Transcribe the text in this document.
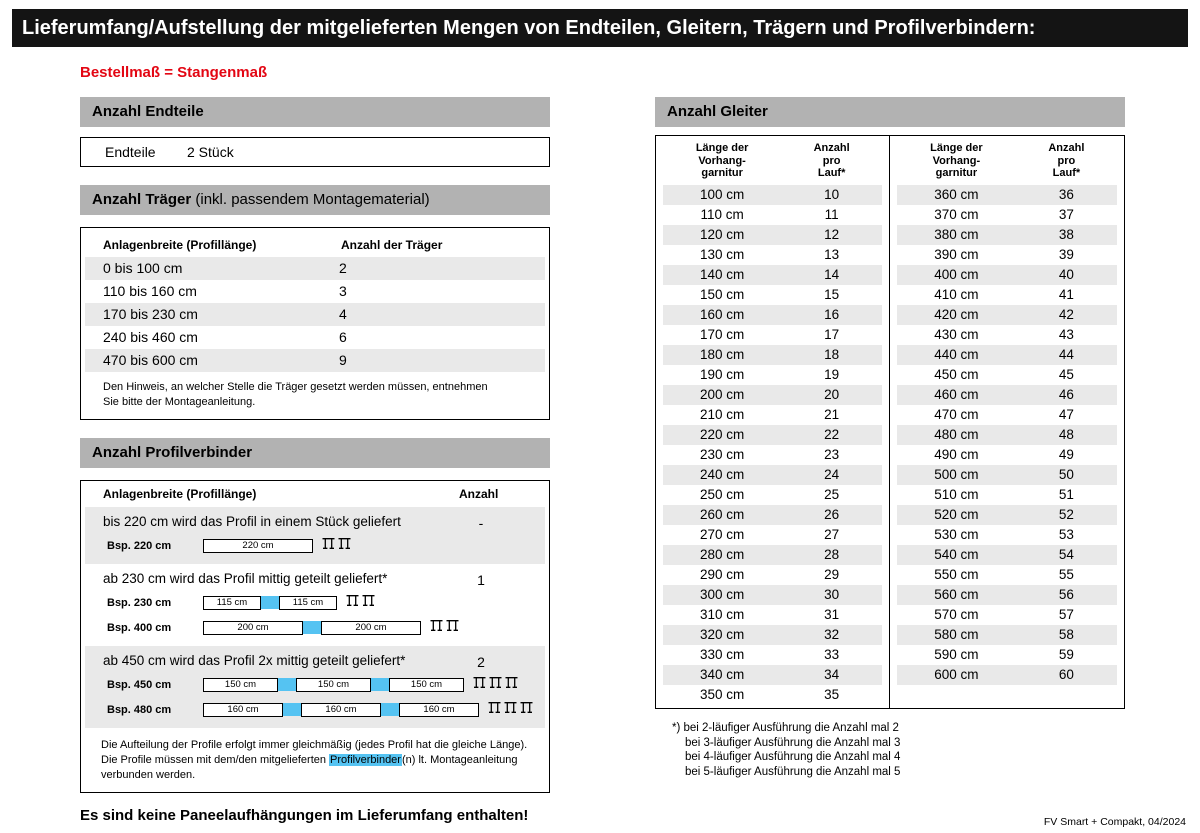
Lieferumfang/Aufstellung der mitgelieferten Mengen von Endteilen, Gleitern, Trägern und Profilverbindern:
Bestellmaß = Stangenmaß
Anzahl Endteile
Endteile	2 Stück
Anzahl Träger (inkl. passendem Montagematerial)
Anlagenbreite (Profillänge)	Anzahl der Träger
0 bis 100 cm	2
110 bis 160 cm	3
170 bis 230 cm	4
240 bis 460 cm	6
470 bis 600 cm	9
Den Hinweis, an welcher Stelle die Träger gesetzt werden müssen, entnehmen Sie bitte der Montageanleitung.
Anzahl Profilverbinder
Anlagenbreite (Profillänge)	Anzahl
bis 220 cm wird das Profil in einem Stück geliefert	-
Bsp. 220 cm	220 cm
ab 230 cm wird das Profil mittig geteilt geliefert*	1
Bsp. 230 cm	115 cm	115 cm
Bsp. 400 cm	200 cm	200 cm
ab 450 cm wird das Profil 2x mittig geteilt geliefert*	2
Bsp. 450 cm	150 cm	150 cm	150 cm
Bsp. 480 cm	160 cm	160 cm	160 cm
Die Aufteilung der Profile erfolgt immer gleichmäßig (jedes Profil hat die gleiche Länge). Die Profile müssen mit dem/den mitgelieferten Profilverbinder(n) lt. Montageanleitung verbunden werden.
Es sind keine Paneelaufhängungen im Lieferumfang enthalten!
Anzahl Gleiter
Länge der
Vorhang-
garnitur
Anzahl
pro
Lauf*
100 cm	10
110 cm	11
120 cm	12
130 cm	13
140 cm	14
150 cm	15
160 cm	16
170 cm	17
180 cm	18
190 cm	19
200 cm	20
210 cm	21
220 cm	22
230 cm	23
240 cm	24
250 cm	25
260 cm	26
270 cm	27
280 cm	28
290 cm	29
300 cm	30
310 cm	31
320 cm	32
330 cm	33
340 cm	34
350 cm	35
Länge der
Vorhang-
garnitur
Anzahl
pro
Lauf*
360 cm	36
370 cm	37
380 cm	38
390 cm	39
400 cm	40
410 cm	41
420 cm	42
430 cm	43
440 cm	44
450 cm	45
460 cm	46
470 cm	47
480 cm	48
490 cm	49
500 cm	50
510 cm	51
520 cm	52
530 cm	53
540 cm	54
550 cm	55
560 cm	56
570 cm	57
580 cm	58
590 cm	59
600 cm	60
*) bei 2-läufiger Ausführung die Anzahl mal 2
bei 3-läufiger Ausführung die Anzahl mal 3
bei 4-läufiger Ausführung die Anzahl mal 4
bei 5-läufiger Ausführung die Anzahl mal 5
FV Smart + Compakt, 04/2024
